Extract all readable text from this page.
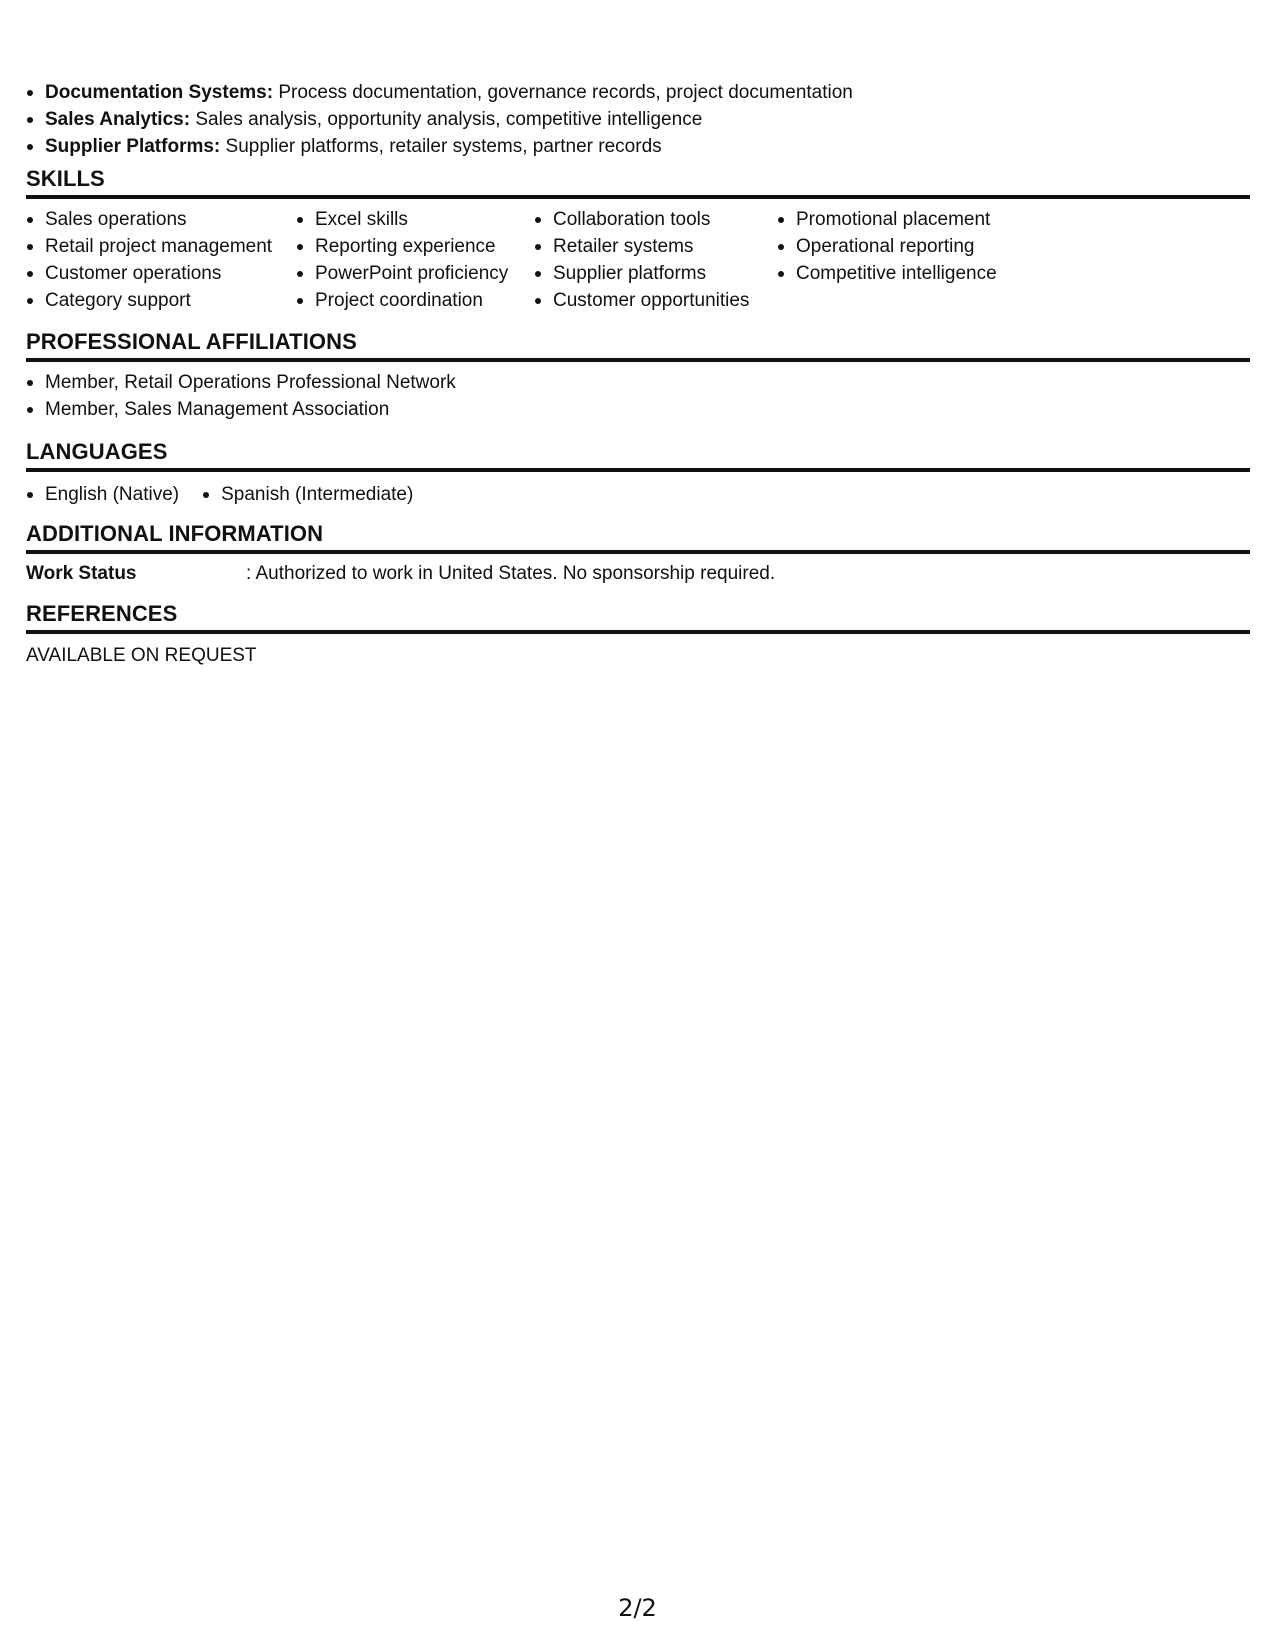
Documentation Systems: Process documentation, governance records, project documentation
Sales Analytics: Sales analysis, opportunity analysis, competitive intelligence
Supplier Platforms: Supplier platforms, retailer systems, partner records
SKILLS
Sales operations
Retail project management
Customer operations
Category support
Excel skills
Reporting experience
PowerPoint proficiency
Project coordination
Collaboration tools
Retailer systems
Supplier platforms
Customer opportunities
Promotional placement
Operational reporting
Competitive intelligence
PROFESSIONAL AFFILIATIONS
Member, Retail Operations Professional Network
Member, Sales Management Association
LANGUAGES
English (Native)	Spanish (Intermediate)
ADDITIONAL INFORMATION
Work Status	: Authorized to work in United States. No sponsorship required.
REFERENCES
AVAILABLE ON REQUEST
2/2
